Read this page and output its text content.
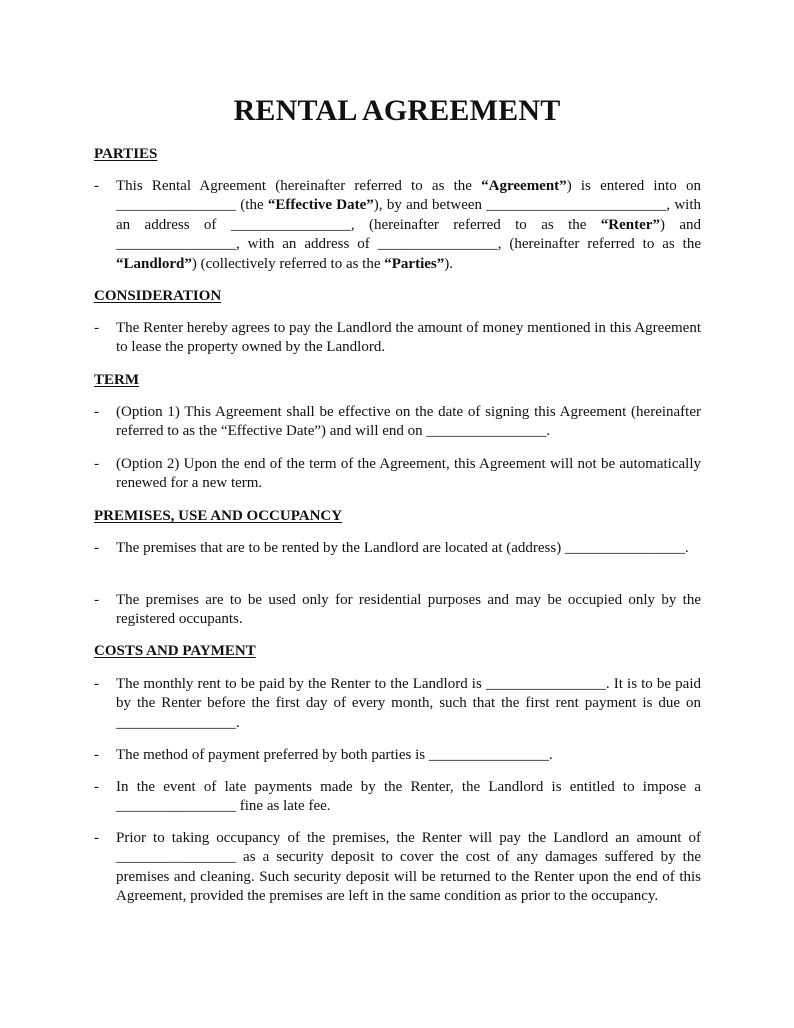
RENTAL AGREEMENT
PARTIES
- This Rental Agreement (hereinafter referred to as the “Agreement”) is entered into on ________________ (the “Effective Date”), by and between ________________________, with an address of ________________, (hereinafter referred to as the “Renter”) and ________________, with an address of ________________, (hereinafter referred to as the “Landlord”) (collectively referred to as the “Parties”).
CONSIDERATION
- The Renter hereby agrees to pay the Landlord the amount of money mentioned in this Agreement to lease the property owned by the Landlord.
TERM
- (Option 1) This Agreement shall be effective on the date of signing this Agreement (hereinafter referred to as the “Effective Date”) and will end on ________________.
- (Option 2) Upon the end of the term of the Agreement, this Agreement will not be automatically renewed for a new term.
PREMISES, USE AND OCCUPANCY
- The premises that are to be rented by the Landlord are located at (address) ________________.
- The premises are to be used only for residential purposes and may be occupied only by the registered occupants.
COSTS AND PAYMENT
- The monthly rent to be paid by the Renter to the Landlord is ________________. It is to be paid by the Renter before the first day of every month, such that the first rent payment is due on ________________.
- The method of payment preferred by both parties is ________________.
- In the event of late payments made by the Renter, the Landlord is entitled to impose a ________________ fine as late fee.
- Prior to taking occupancy of the premises, the Renter will pay the Landlord an amount of ________________ as a security deposit to cover the cost of any damages suffered by the premises and cleaning. Such security deposit will be returned to the Renter upon the end of this Agreement, provided the premises are left in the same condition as prior to the occupancy.
